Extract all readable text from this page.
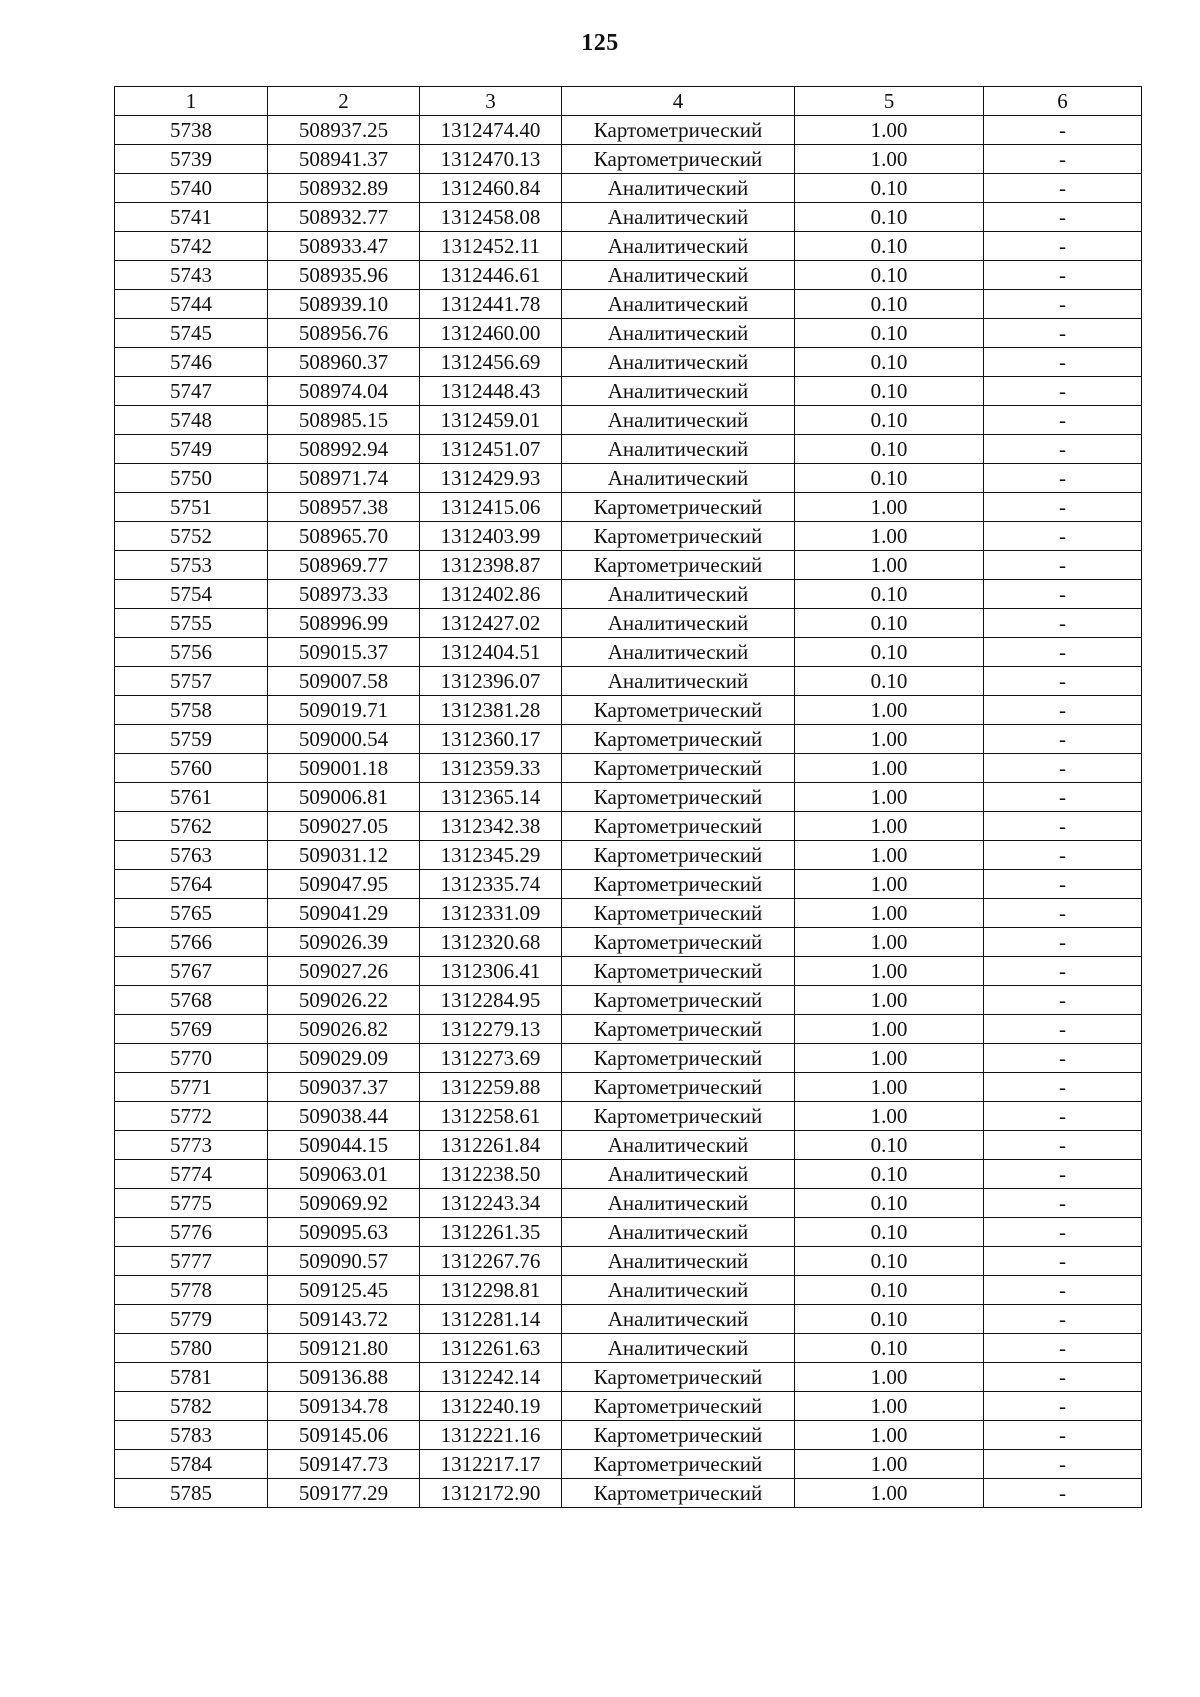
125
1	2	3	4	5	6
5738	508937.25	1312474.40	Картометрический	1.00	-
5739	508941.37	1312470.13	Картометрический	1.00	-
5740	508932.89	1312460.84	Аналитический	0.10	-
5741	508932.77	1312458.08	Аналитический	0.10	-
5742	508933.47	1312452.11	Аналитический	0.10	-
5743	508935.96	1312446.61	Аналитический	0.10	-
5744	508939.10	1312441.78	Аналитический	0.10	-
5745	508956.76	1312460.00	Аналитический	0.10	-
5746	508960.37	1312456.69	Аналитический	0.10	-
5747	508974.04	1312448.43	Аналитический	0.10	-
5748	508985.15	1312459.01	Аналитический	0.10	-
5749	508992.94	1312451.07	Аналитический	0.10	-
5750	508971.74	1312429.93	Аналитический	0.10	-
5751	508957.38	1312415.06	Картометрический	1.00	-
5752	508965.70	1312403.99	Картометрический	1.00	-
5753	508969.77	1312398.87	Картометрический	1.00	-
5754	508973.33	1312402.86	Аналитический	0.10	-
5755	508996.99	1312427.02	Аналитический	0.10	-
5756	509015.37	1312404.51	Аналитический	0.10	-
5757	509007.58	1312396.07	Аналитический	0.10	-
5758	509019.71	1312381.28	Картометрический	1.00	-
5759	509000.54	1312360.17	Картометрический	1.00	-
5760	509001.18	1312359.33	Картометрический	1.00	-
5761	509006.81	1312365.14	Картометрический	1.00	-
5762	509027.05	1312342.38	Картометрический	1.00	-
5763	509031.12	1312345.29	Картометрический	1.00	-
5764	509047.95	1312335.74	Картометрический	1.00	-
5765	509041.29	1312331.09	Картометрический	1.00	-
5766	509026.39	1312320.68	Картометрический	1.00	-
5767	509027.26	1312306.41	Картометрический	1.00	-
5768	509026.22	1312284.95	Картометрический	1.00	-
5769	509026.82	1312279.13	Картометрический	1.00	-
5770	509029.09	1312273.69	Картометрический	1.00	-
5771	509037.37	1312259.88	Картометрический	1.00	-
5772	509038.44	1312258.61	Картометрический	1.00	-
5773	509044.15	1312261.84	Аналитический	0.10	-
5774	509063.01	1312238.50	Аналитический	0.10	-
5775	509069.92	1312243.34	Аналитический	0.10	-
5776	509095.63	1312261.35	Аналитический	0.10	-
5777	509090.57	1312267.76	Аналитический	0.10	-
5778	509125.45	1312298.81	Аналитический	0.10	-
5779	509143.72	1312281.14	Аналитический	0.10	-
5780	509121.80	1312261.63	Аналитический	0.10	-
5781	509136.88	1312242.14	Картометрический	1.00	-
5782	509134.78	1312240.19	Картометрический	1.00	-
5783	509145.06	1312221.16	Картометрический	1.00	-
5784	509147.73	1312217.17	Картометрический	1.00	-
5785	509177.29	1312172.90	Картометрический	1.00	-
